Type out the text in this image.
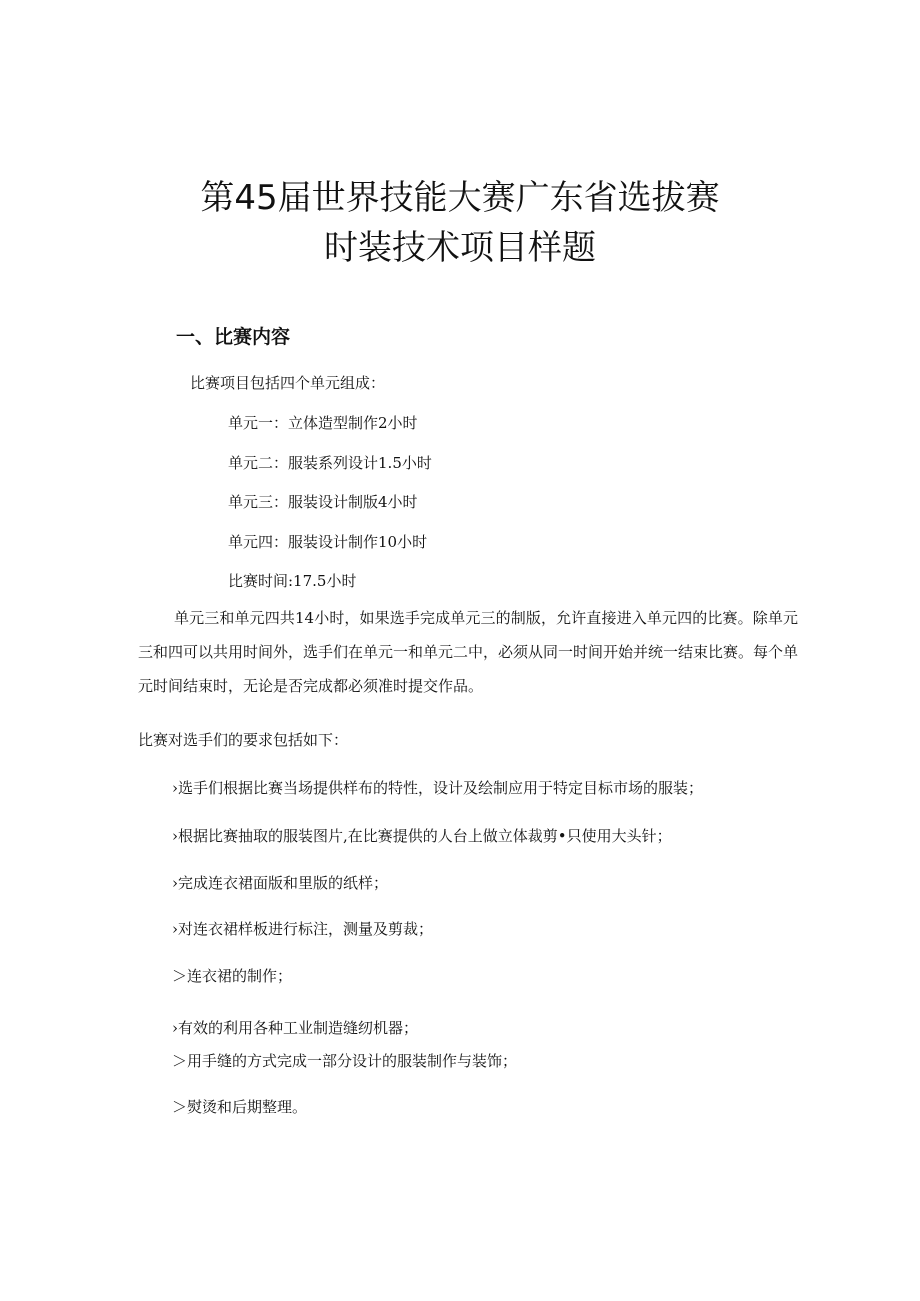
第45届世界技能大赛广东省选拔赛
时装技术项目样题
一、比赛内容

比赛项目包括四个单元组成：

单元一：立体造型制作2小时

单元二：服装系列设计1.5小时

单元三：服装设计制版4小时

单元四：服装设计制作10小时

比赛时间:17.5小时

单元三和单元四共14小时，如果选手完成单元三的制版，允许直接进入单元四的比赛。除单元三和四可以共用时间外，选手们在单元一和单元二中，必须从同一时间开始并统一结束比赛。每个单元时间结束时，无论是否完成都必须准时提交作品。

比赛对选手们的要求包括如下：

›选手们根据比赛当场提供样布的特性，设计及绘制应用于特定目标市场的服装；

›根据比赛抽取的服装图片,在比赛提供的人台上做立体裁剪•只使用大头针；

›完成连衣裙面版和里版的纸样；

›对连衣裙样板进行标注，测量及剪裁；

＞连衣裙的制作；

›有效的利用各种工业制造缝纫机器；

＞用手缝的方式完成一部分设计的服装制作与装饰；

＞熨烫和后期整理。
